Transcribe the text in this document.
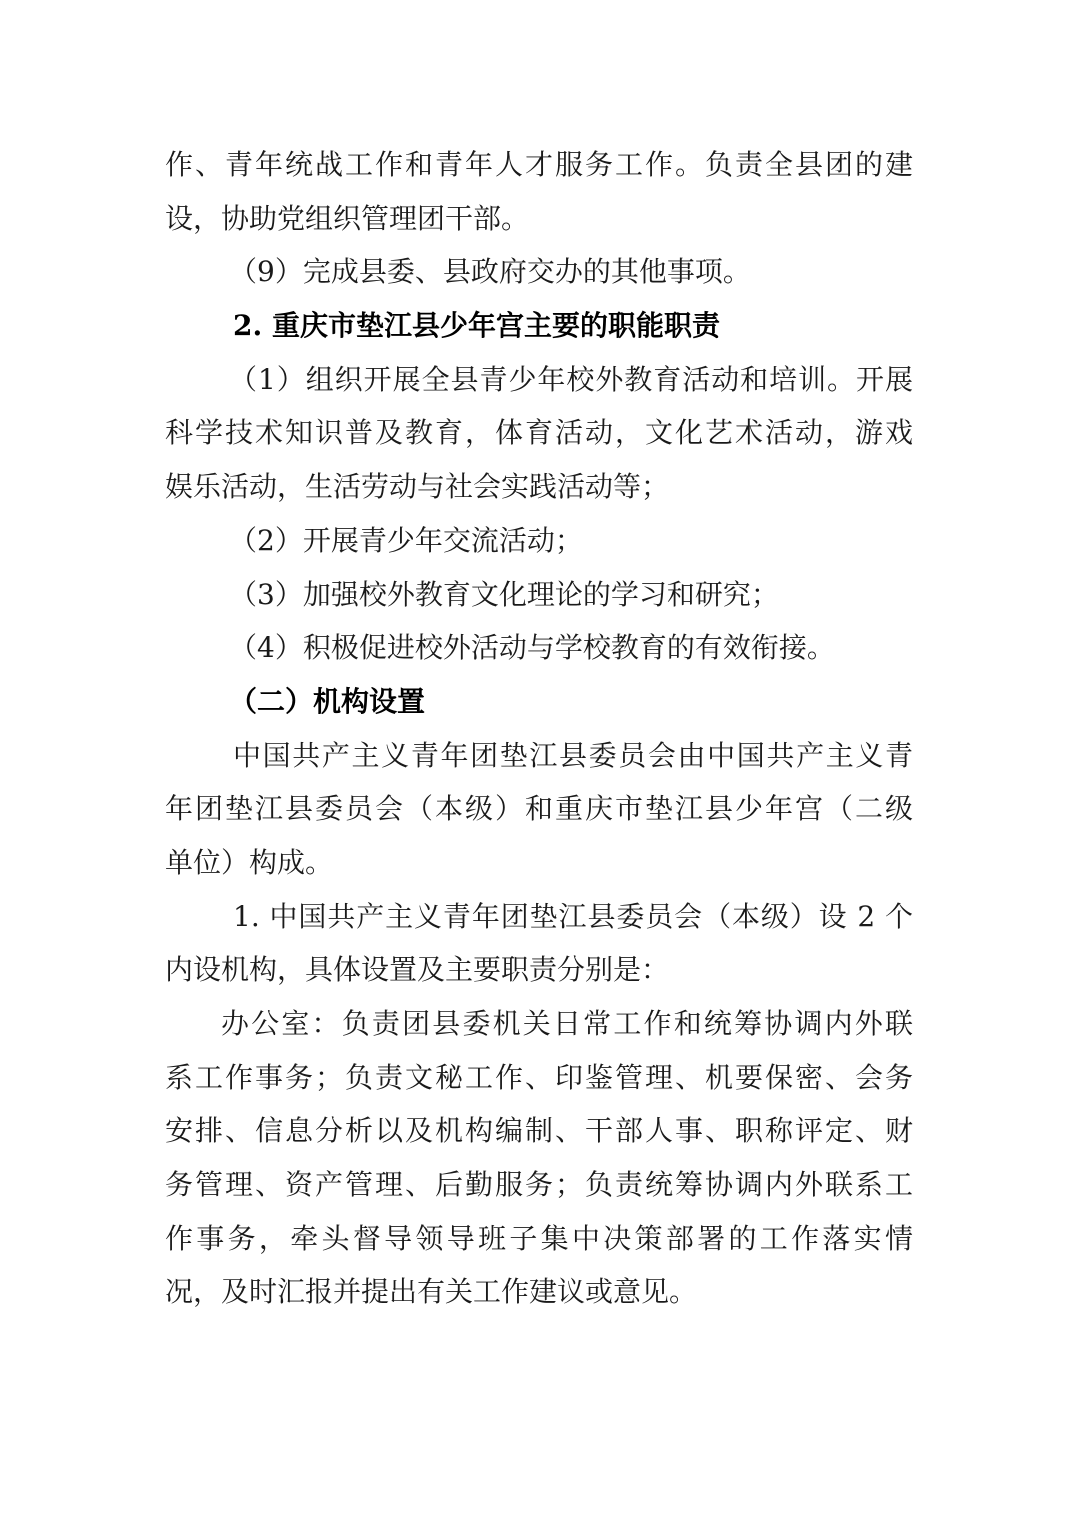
作、青年统战工作和青年人才服务工作。负责全县团的建
设，协助党组织管理团干部。
（9）完成县委、县政府交办的其他事项。
2. 重庆市垫江县少年宫主要的职能职责
（1）组织开展全县青少年校外教育活动和培训。开展
科学技术知识普及教育，体育活动，文化艺术活动，游戏
娱乐活动，生活劳动与社会实践活动等；
（2）开展青少年交流活动；
（3）加强校外教育文化理论的学习和研究；
（4）积极促进校外活动与学校教育的有效衔接。
（二）机构设置
中国共产主义青年团垫江县委员会由中国共产主义青
年团垫江县委员会（本级）和重庆市垫江县少年宫（二级
单位）构成。
1. 中国共产主义青年团垫江县委员会（本级）设 2 个
内设机构，具体设置及主要职责分别是：
办公室：负责团县委机关日常工作和统筹协调内外联
系工作事务；负责文秘工作、印鉴管理、机要保密、会务
安排、信息分析以及机构编制、干部人事、职称评定、财
务管理、资产管理、后勤服务；负责统筹协调内外联系工
作事务，牵头督导领导班子集中决策部署的工作落实情
况，及时汇报并提出有关工作建议或意见。
